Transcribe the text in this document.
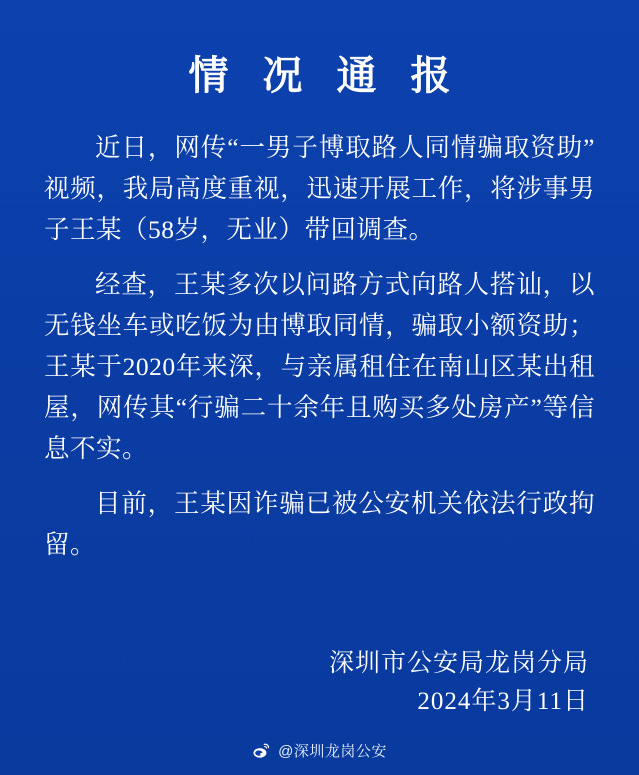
情 况 通 报

近日，网传“一男子博取路人同情骗取资助”视频，我局高度重视，迅速开展工作，将涉事男子王某（58岁，无业）带回调查。

经查，王某多次以问路方式向路人搭讪，以无钱坐车或吃饭为由博取同情，骗取小额资助；王某于2020年来深，与亲属租住在南山区某出租屋，网传其“行骗二十余年且购买多处房产”等信息不实。

目前，王某因诈骗已被公安机关依法行政拘留。

深圳市公安局龙岗分局
2024年3月11日
@深圳龙岗公安
